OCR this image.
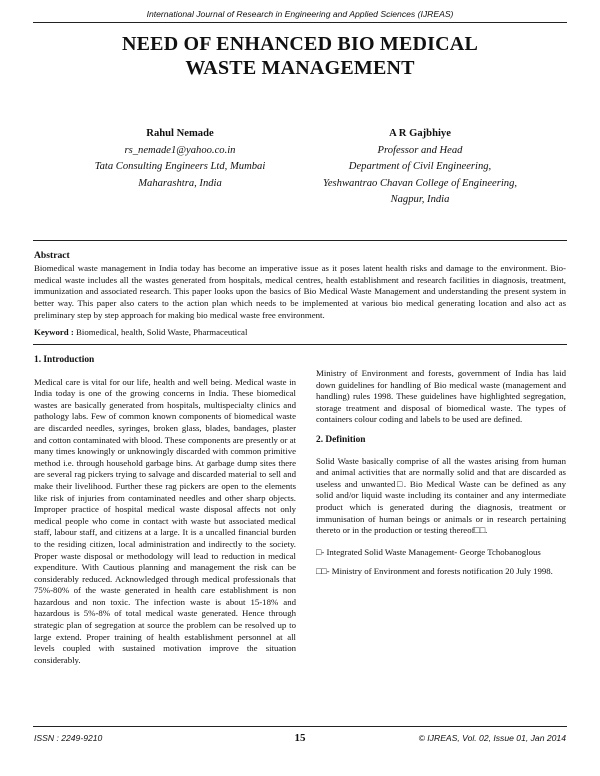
International Journal of Research in Engineering and Applied Sciences (IJREAS)
NEED OF ENHANCED BIO MEDICAL
WASTE MANAGEMENT
Rahul Nemade
rs_nemade1@yahoo.co.in
Tata Consulting Engineers Ltd, Mumbai
Maharashtra, India
A R Gajbhiye
Professor and Head
Department of Civil Engineering,
Yeshwantrao Chavan College of Engineering,
Nagpur, India
Abstract
Biomedical waste management in India today has become an imperative issue as it poses latent health risks and damage to the environment. Bio-medical waste includes all the wastes generated from hospitals, medical centres, health establishment and research facilities in diagnosis, treatment, immunization and associated research. This paper looks upon the basics of Bio Medical Waste Management and understanding the present system in better way. This paper also caters to the action plan which needs to be implemented at various bio medical generating location and also act as preliminary step by step approach for making bio medical waste free environment.
Keyword : Biomedical, health, Solid Waste, Pharmaceutical

1. Introduction

Medical care is vital for our life, health and well being. Medical waste in India today is one of the growing concerns in India. These biomedical wastes are basically generated from hospitals, multispecialty clinics and pathology labs. Few of common known components of biomedical waste are discarded needles, syringes, broken glass, blades, bandages, plaster and cotton contaminated with blood. These components are presently or at many times knowingly or unknowingly discarded with common primitive method i.e. through household garbage bins. At garbage dump sites there are several rag pickers trying to salvage and discarded material to sell and make their livelihood. Further these rag pickers are open to the elements like risk of injuries from contaminated needles and other sharp objects. Improper practice of hospital medical waste disposal affects not only medical people who come in contact with waste but associated medical staff, labour staff, and citizens at a large. It is a uncalled financial burden to the residing citizen, local administration and indirectly to the society. Proper waste disposal or methodology will lead to reduction in medical expenditure. With Cautious planning and management the risk can be considerably reduced. Acknowledged through medical professionals that 75%-80% of the waste generated in health care establishment is non hazardous and non toxic. The infection waste is about 15-18% and hazardous is 5%-8% of total medical waste generated. Hence through strategic plan of segregation at source the problem can be resolved up to large extend. Proper training of health establishment personnel at all levels coupled with sustained motivation improve the situation considerably.

Ministry of Environment and forests, government of India has laid down guidelines for handling of Bio medical waste (management and handling) rules 1998. These guidelines have highlighted segregation, storage treatment and disposal of biomedical waste. The types of containers colour coding and labels to be used are defined.

2. Definition

Solid Waste basically comprise of all the wastes arising from human and animal activities that are normally solid and that are discarded as useless and unwanted□. Bio Medical Waste can be defined as any solid and/or liquid waste including its container and any intermediate product which is generated during the diagnosis, treatment or immunisation of human beings or animals or in research pertaining thereto or in the production or testing thereof□□.

□- Integrated Solid Waste Management- George Tchobanoglous

□□- Ministry of Environment and forests notification 20 July 1998.

ISSN : 2249-9210	15	© IJREAS, Vol. 02, Issue 01, Jan 2014
